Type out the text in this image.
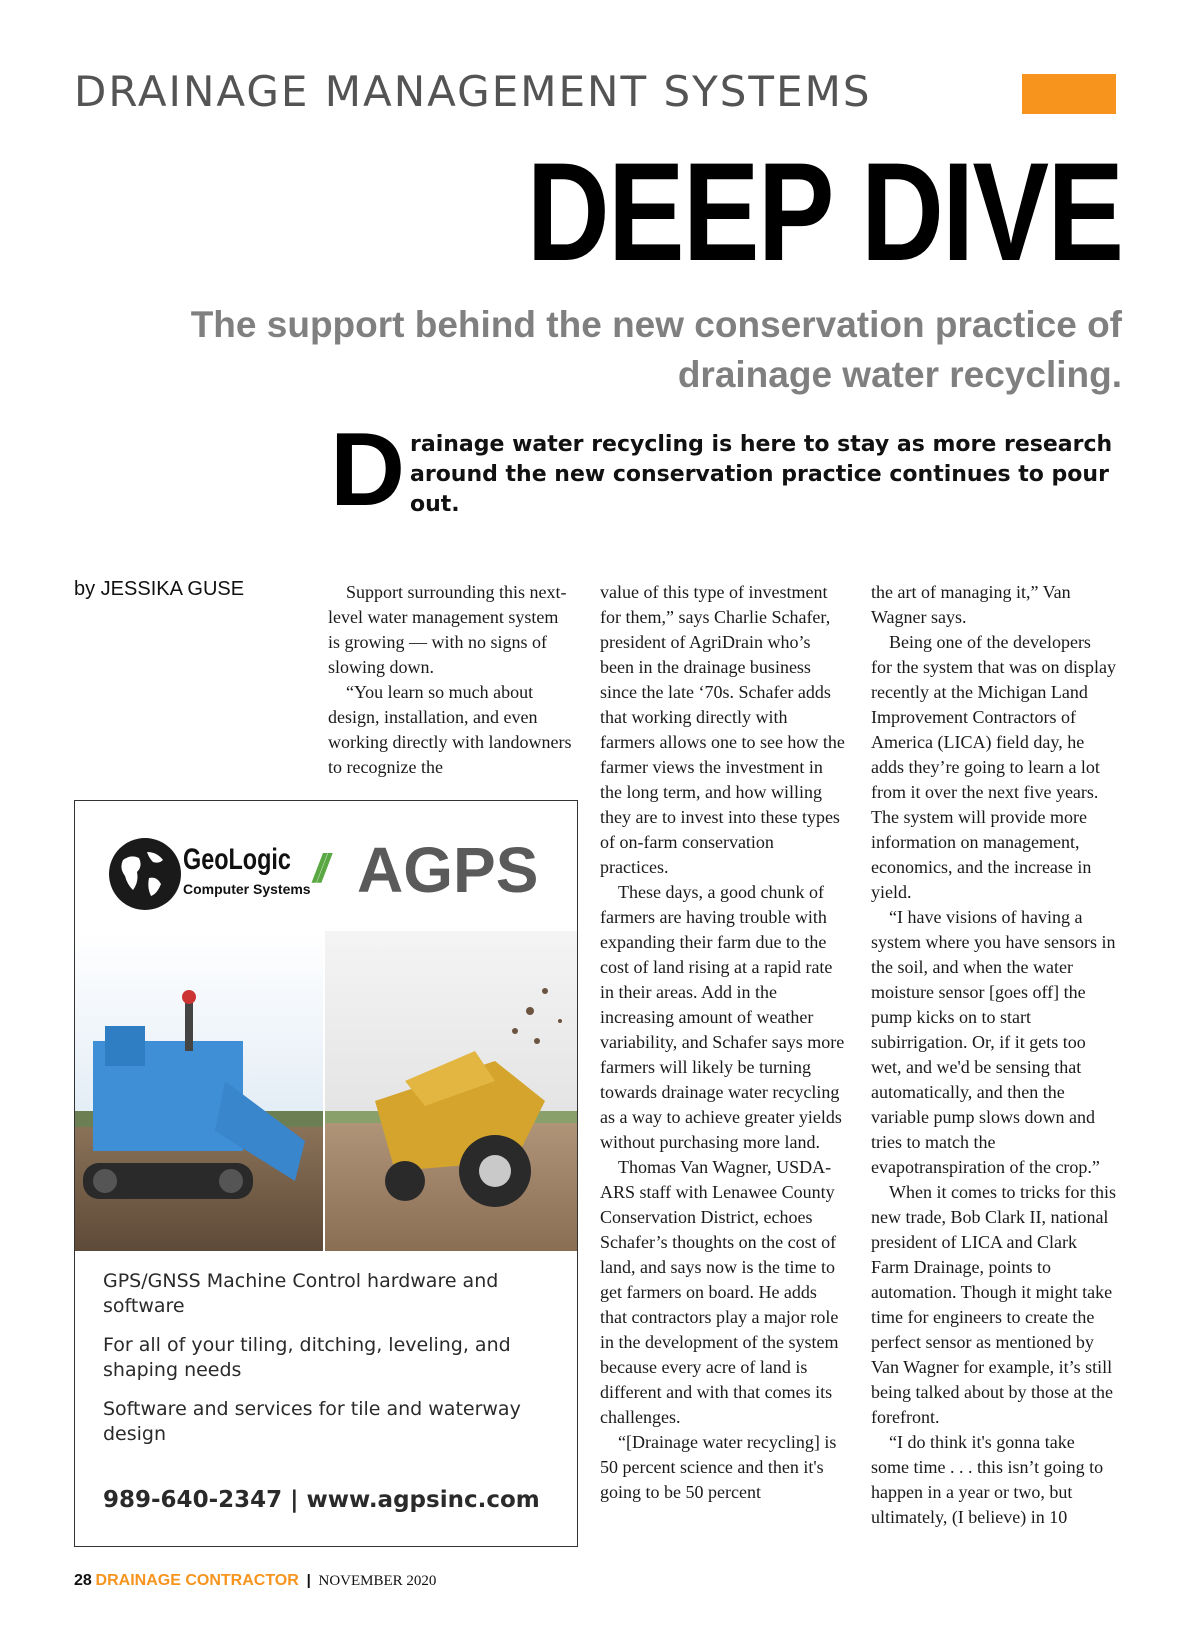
DRAINAGE MANAGEMENT SYSTEMS
DEEP DIVE
The support behind the new conservation practice of
drainage water recycling.
D rainage water recycling is here to stay as more research around the new conservation practice continues to pour out.
by JESSIKA GUSE	Support surrounding this next-level water management system is growing — with no signs of slowing down.

“You learn so much about design, installation, and even working directly with landowners to recognize the

value of this type of investment for them,” says Charlie Schafer, president of AgriDrain who’s been in the drainage business since the late ‘70s. Schafer adds that working directly with farmers allows one to see how the farmer views the investment in the long term, and how willing they are to invest into these types of on-farm conservation practices.

These days, a good chunk of farmers are having trouble with expanding their farm due to the cost of land rising at a rapid rate in their areas. Add in the increasing amount of weather variability, and Schafer says more farmers will likely be turning towards drainage water recycling as a way to achieve greater yields without purchasing more land.

Thomas Van Wagner, USDA-ARS staff with Lenawee County Conservation District, echoes Schafer’s thoughts on the cost of land, and says now is the time to get farmers on board. He adds that contractors play a major role in the development of the system because every acre of land is different and with that comes its challenges.

“[Drainage water recycling] is 50 percent science and then it's going to be 50 percent

the art of managing it,” Van Wagner says.

Being one of the developers for the system that was on display recently at the Michigan Land Improvement Contractors of America (LICA) field day, he adds they’re going to learn a lot from it over the next five years. The system will provide more information on management, economics, and the increase in yield.

“I have visions of having a system where you have sensors in the soil, and when the water moisture sensor [goes off] the pump kicks on to start subirrigation. Or, if it gets too wet, and we'd be sensing that automatically, and then the variable pump slows down and tries to match the evapotranspiration of the crop.”

When it comes to tricks for this new trade, Bob Clark II, national president of LICA and Clark Farm Drainage, points to automation. Though it might take time for engineers to create the perfect sensor as mentioned by Van Wagner for example, it’s still being talked about by those at the forefront.

“I do think it's gonna take some time . . . this isn’t going to happen in a year or two, but ultimately, (I believe) in 10

GeoLogic
Computer Systems // AGPS
GPS/GNSS Machine Control hardware and software
For all of your tiling, ditching, leveling, and shaping needs
Software and services for tile and waterway design
989-640-2347 | www.agpsinc.com
28 DRAINAGE CONTRACTOR | NOVEMBER 2020
